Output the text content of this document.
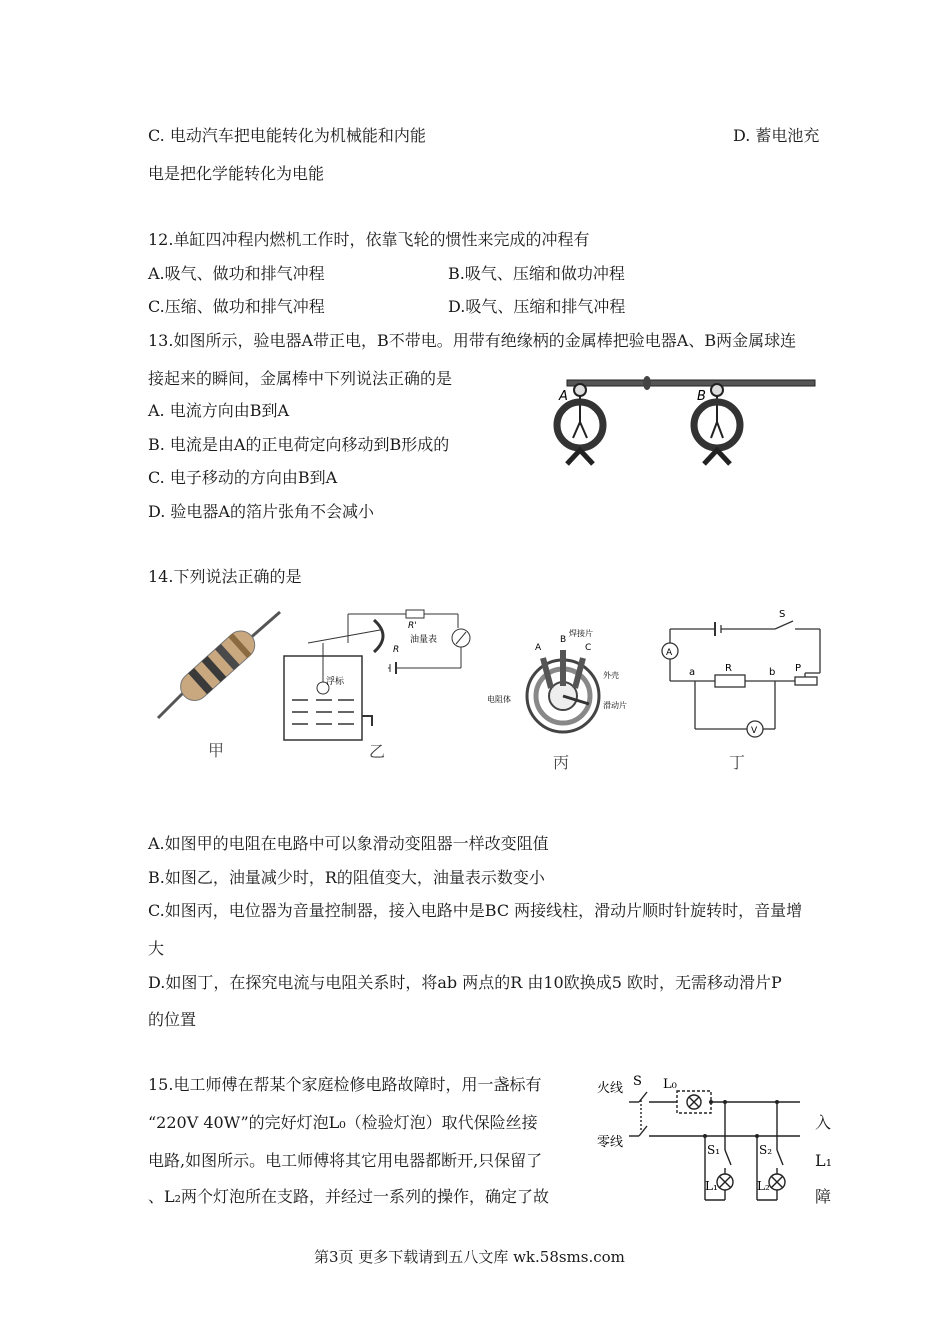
C. 电动汽车把电能转化为机械能和内能	D. 蓄电池充
电是把化学能转化为电能
12.单缸四冲程内燃机工作时，依靠飞轮的惯性来完成的冲程有
A.吸气、做功和排气冲程	B.吸气、压缩和做功冲程
C.压缩、做功和排气冲程	D.吸气、压缩和排气冲程
13.如图所示，验电器A带正电，B不带电。用带有绝缘柄的金属棒把验电器A、B两金属球连
接起来的瞬间，金属棒中下列说法正确的是
A. 电流方向由B到A
B. 电流是由A的正电荷定向移动到B形成的
C. 电子移动的方向由B到A
D. 验电器A的箔片张角不会减小
A	B
14.下列说法正确的是
甲
R'
R
油量表
浮标
乙
A
B
C
焊接片
外壳
电阻体
滑动片
丙
S
A
R
a	b P
V
丁
A.如图甲的电阻在电路中可以象滑动变阻器一样改变阻值
B.如图乙，油量减少时，R的阻值变大，油量表示数变小
C.如图丙，电位器为音量控制器，接入电路中是BC 两接线柱，滑动片顺时针旋转时，音量增
大
D.如图丁，在探究电流与电阻关系时，将ab 两点的R 由10欧换成5 欧时，无需移动滑片P
的位置
15.电工师傅在帮某个家庭检修电路故障时，用一盏标有
“220V 40W”的完好灯泡L₀（检验灯泡）取代保险丝接
电路,如图所示。电工师傅将其它用电器都断开,只保留了
、L₂两个灯泡所在支路，并经过一系列的操作，确定了故
入
L₁
障
火线
零线
S L₀
S₁	S₂
L₁	L₂
第3页 更多下载请到五八文库 wk.58sms.com
